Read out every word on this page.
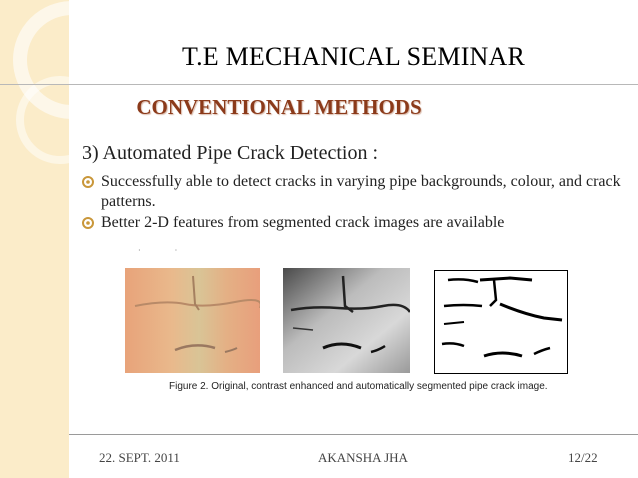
T.E MECHANICAL SEMINAR
CONVENTIONAL METHODS
3) Automated Pipe Crack Detection :
Successfully able to detect cracks in varying pipe backgrounds, colour, and crack patterns.
Better 2-D features from segmented crack images are available
·                 ·
Figure 2. Original, contrast enhanced and automatically segmented pipe crack image.
22. SEPT. 2011	AKANSHA JHA	12/22
